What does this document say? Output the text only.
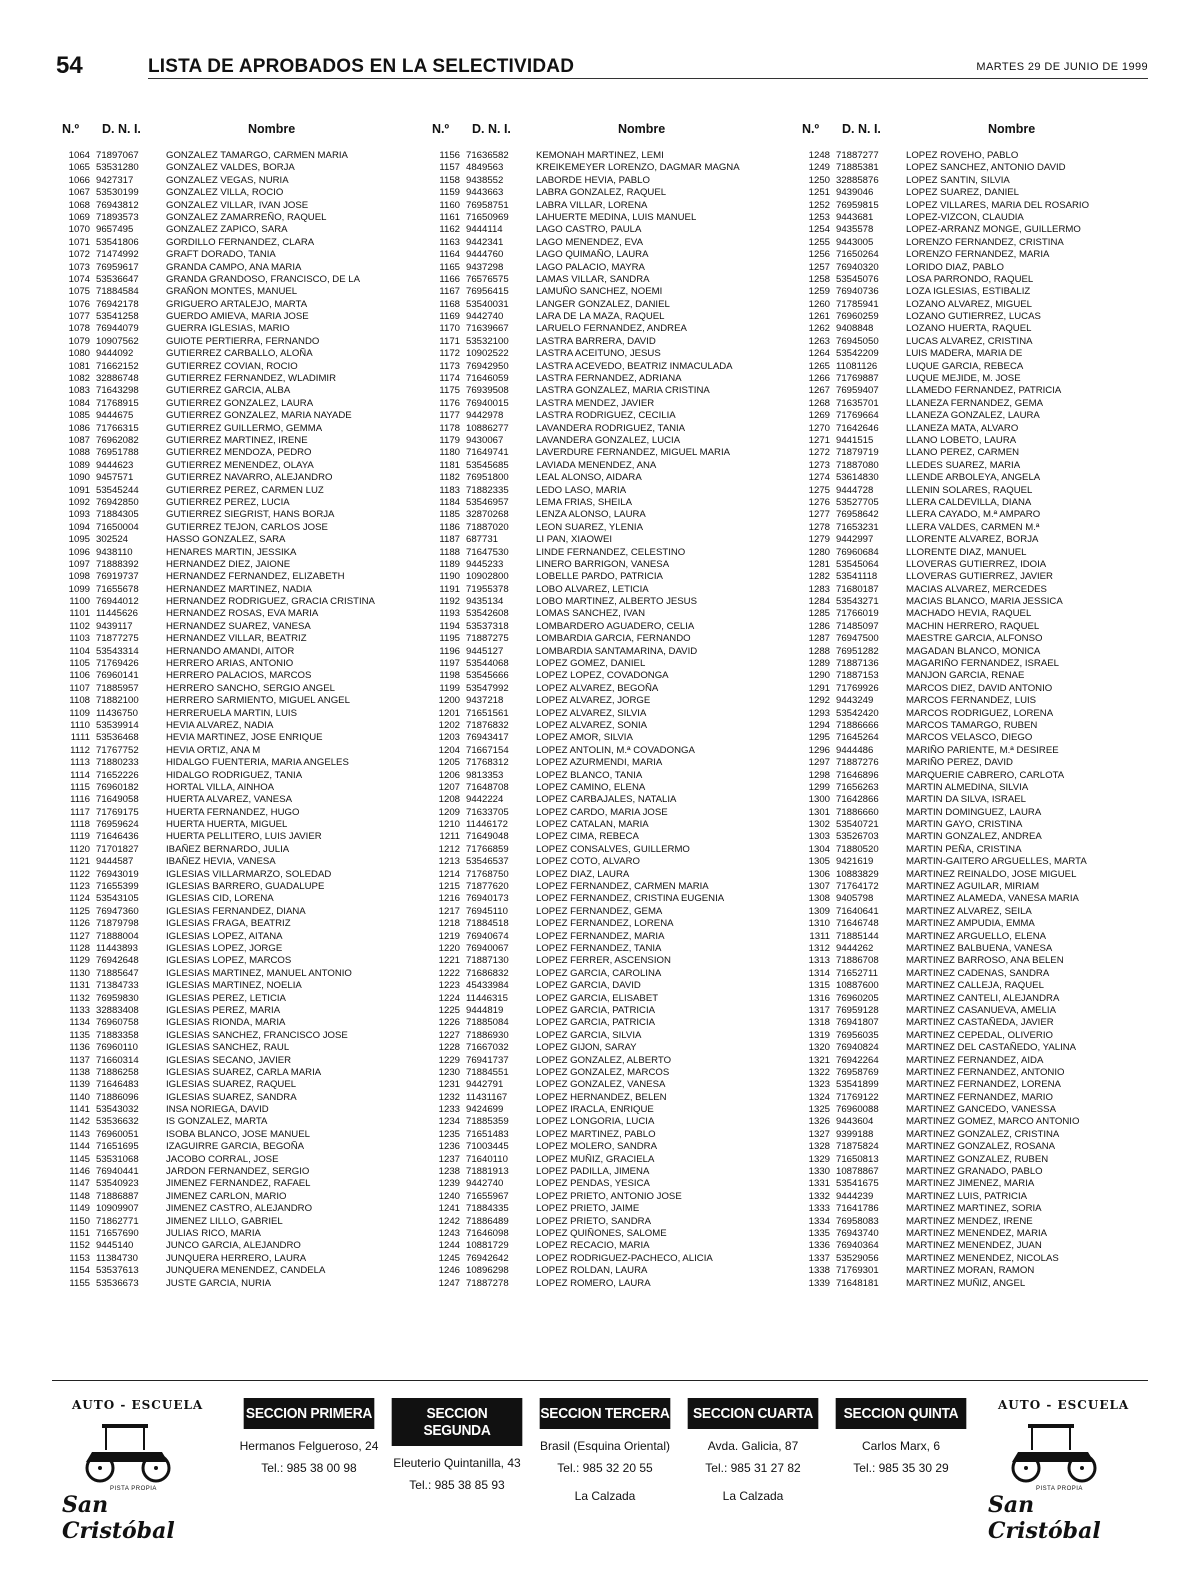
54	LISTA DE APROBADOS EN LA SELECTIVIDAD	MARTES 29 DE JUNIO DE 1999
N.º D. N. I.	Nombre
1064 71897067	GONZALEZ TAMARGO, CARMEN MARIA
1065 53531280	GONZALEZ VALDES, BORJA
1066 9427317	GONZALEZ VEGAS, NURIA
1067 53530199	GONZALEZ VILLA, ROCIO
1068 76943812	GONZALEZ VILLAR, IVAN JOSE
1069 71893573	GONZALEZ ZAMARREÑO, RAQUEL
1070 9657495	GONZALEZ ZAPICO, SARA
1071 53541806	GORDILLO FERNANDEZ, CLARA
1072 71474992	GRAFT DORADO, TANIA
1073 76959617	GRANDA CAMPO, ANA MARIA
1074 53536647	GRANDA GRANDOSO, FRANCISCO, DE LA
1075 71884584	GRAÑON MONTES, MANUEL
1076 76942178	GRIGUERO ARTALEJO, MARTA
1077 53541258	GUERDO AMIEVA, MARIA JOSE
1078 76944079	GUERRA IGLESIAS, MARIO
1079 10907562	GUIOTE PERTIERRA, FERNANDO
1080 9444092	GUTIERREZ CARBALLO, ALOÑA
1081 71662152	GUTIERREZ COVIAN, ROCIO
1082 32886748	GUTIERREZ FERNANDEZ, WLADIMIR
1083 71643298	GUTIERREZ GARCIA, ALBA
1084 71768915	GUTIERREZ GONZALEZ, LAURA
1085 9444675	GUTIERREZ GONZALEZ, MARIA NAYADE
1086 71766315	GUTIERREZ GUILLERMO, GEMMA
1087 76962082	GUTIERREZ MARTINEZ, IRENE
1088 76951788	GUTIERREZ MENDOZA, PEDRO
1089 9444623	GUTIERREZ MENENDEZ, OLAYA
1090 9457571	GUTIERREZ NAVARRO, ALEJANDRO
1091 53545244	GUTIERREZ PEREZ, CARMEN LUZ
1092 76942850	GUTIERREZ PEREZ, LUCIA
1093 71884305	GUTIERREZ SIEGRIST, HANS BORJA
1094 71650004	GUTIERREZ TEJON, CARLOS JOSE
1095 302524	HASSO GONZALEZ, SARA
1096 9438110	HENARES MARTIN, JESSIKA
1097 71888392	HERNANDEZ DIEZ, JAIONE
1098 76919737	HERNANDEZ FERNANDEZ, ELIZABETH
1099 71655678	HERNANDEZ MARTINEZ, NADIA
1100 76944012	HERNANDEZ RODRIGUEZ, GRACIA CRISTINA
1101 11445626	HERNANDEZ ROSAS, EVA MARIA
1102 9439117	HERNANDEZ SUAREZ, VANESA
1103 71877275	HERNANDEZ VILLAR, BEATRIZ
1104 53543314	HERNANDO AMANDI, AITOR
1105 71769426	HERRERO ARIAS, ANTONIO
1106 76960141	HERRERO PALACIOS, MARCOS
1107 71885957	HERRERO SANCHO, SERGIO ANGEL
1108 71882100	HERRERO SARMIENTO, MIGUEL ANGEL
1109 11436750	HERRERUELA MARTIN, LUIS
1110 53539914	HEVIA ALVAREZ, NADIA
1111 53536468	HEVIA MARTINEZ, JOSE ENRIQUE
1112 71767752	HEVIA ORTIZ, ANA M
1113 71880233	HIDALGO FUENTERIA, MARIA ANGELES
1114 71652226	HIDALGO RODRIGUEZ, TANIA
1115 76960182	HORTAL VILLA, AINHOA
1116 71649058	HUERTA ALVAREZ, VANESA
1117 71769175	HUERTA FERNANDEZ, HUGO
1118 76959624	HUERTA HUERTA, MIGUEL
1119 71646436	HUERTA PELLITERO, LUIS JAVIER
1120 71701827	IBAÑEZ BERNARDO, JULIA
1121 9444587	IBAÑEZ HEVIA, VANESA
1122 76943019	IGLESIAS VILLARMARZO, SOLEDAD
1123 71655399	IGLESIAS BARRERO, GUADALUPE
1124 53543105	IGLESIAS CID, LORENA
1125 76947360	IGLESIAS FERNANDEZ, DIANA
1126 71879798	IGLESIAS FRAGA, BEATRIZ
1127 71888004	IGLESIAS LOPEZ, AITANA
1128 11443893	IGLESIAS LOPEZ, JORGE
1129 76942648	IGLESIAS LOPEZ, MARCOS
1130 71885647	IGLESIAS MARTINEZ, MANUEL ANTONIO
1131 71384733	IGLESIAS MARTINEZ, NOELIA
1132 76959830	IGLESIAS PEREZ, LETICIA
1133 32883408	IGLESIAS PEREZ, MARIA
1134 76960758	IGLESIAS RIONDA, MARIA
1135 71883358	IGLESIAS SANCHEZ, FRANCISCO JOSE
1136 76960110	IGLESIAS SANCHEZ, RAUL
1137 71660314	IGLESIAS SECANO, JAVIER
1138 71886258	IGLESIAS SUAREZ, CARLA MARIA
1139 71646483	IGLESIAS SUAREZ, RAQUEL
1140 71886096	IGLESIAS SUAREZ, SANDRA
1141 53543032	INSA NORIEGA, DAVID
1142 53536632	IS GONZALEZ, MARTA
1143 76960051	ISOBA BLANCO, JOSE MANUEL
1144 71651695	IZAGUIRRE GARCIA, BEGOÑA
1145 53531068	JACOBO CORRAL, JOSE
1146 76940441	JARDON FERNANDEZ, SERGIO
1147 53540923	JIMENEZ FERNANDEZ, RAFAEL
1148 71886887	JIMENEZ CARLON, MARIO
1149 10909907	JIMENEZ CASTRO, ALEJANDRO
1150 71862771	JIMENEZ LILLO, GABRIEL
1151 71657690	JULIAS RICO, MARIA
1152 9445140	JUNCO GARCIA, ALEJANDRO
1153 11384730	JUNQUERA HERRERO, LAURA
1154 53537613	JUNQUERA MENENDEZ, CANDELA
1155 53536673	JUSTE GARCIA, NURIA
N.º D. N. I.	Nombre
1156 71636582	KEMONAH MARTINEZ, LEMI
1157 4849563	KREIKEMEYER LORENZO, DAGMAR MAGNA
1158 9438552	LABORDE HEVIA, PABLO
1159 9443663	LABRA GONZALEZ, RAQUEL
1160 76958751	LABRA VILLAR, LORENA
1161 71650969	LAHUERTE MEDINA, LUIS MANUEL
1162 9444114	LAGO CASTRO, PAULA
1163 9442341	LAGO MENENDEZ, EVA
1164 9444760	LAGO QUIMAÑO, LAURA
1165 9437298	LAGO PALACIO, MAYRA
1166 76576575	LAMAS VILLAR, SANDRA
1167 76956415	LAMUÑO SANCHEZ, NOEMI
1168 53540031	LANGER GONZALEZ, DANIEL
1169 9442740	LARA DE LA MAZA, RAQUEL
1170 71639667	LARUELO FERNANDEZ, ANDREA
1171 53532100	LASTRA BARRERA, DAVID
1172 10902522	LASTRA ACEITUNO, JESUS
1173 76942950	LASTRA ACEVEDO, BEATRIZ INMACULADA
1174 71646059	LASTRA FERNANDEZ, ADRIANA
1175 76939508	LASTRA GONZALEZ, MARIA CRISTINA
1176 76940015	LASTRA MENDEZ, JAVIER
1177 9442978	LASTRA RODRIGUEZ, CECILIA
1178 10886277	LAVANDERA RODRIGUEZ, TANIA
1179 9430067	LAVANDERA GONZALEZ, LUCIA
1180 71649741	LAVERDURE FERNANDEZ, MIGUEL MARIA
1181 53545685	LAVIADA MENENDEZ, ANA
1182 76951800	LEAL ALONSO, AIDARA
1183 71882335	LEDO LASO, MARIA
1184 53546957	LEMA FRIAS, SHEILA
1185 32870268	LENZA ALONSO, LAURA
1186 71887020	LEON SUAREZ, YLENIA
1187 687731	LI PAN, XIAOWEI
1188 71647530	LINDE FERNANDEZ, CELESTINO
1189 9445233	LINERO BARRIGON, VANESA
1190 10902800	LOBELLE PARDO, PATRICIA
1191 71955378	LOBO ALVAREZ, LETICIA
1192 9435134	LOBO MARTINEZ, ALBERTO JESUS
1193 53542608	LOMAS SANCHEZ, IVAN
1194 53537318	LOMBARDERO AGUADERO, CELIA
1195 71887275	LOMBARDIA GARCIA, FERNANDO
1196 9445127	LOMBARDIA SANTAMARINA, DAVID
1197 53544068	LOPEZ GOMEZ, DANIEL
1198 53545666	LOPEZ LOPEZ, COVADONGA
1199 53547992	LOPEZ ALVAREZ, BEGOÑA
1200 9437218	LOPEZ ALVAREZ, JORGE
1201 71651561	LOPEZ ALVAREZ, SILVIA
1202 71876832	LOPEZ ALVAREZ, SONIA
1203 76943417	LOPEZ AMOR, SILVIA
1204 71667154	LOPEZ ANTOLIN, M.ª COVADONGA
1205 71768312	LOPEZ AZURMENDI, MARIA
1206 9813353	LOPEZ BLANCO, TANIA
1207 71648708	LOPEZ CAMINO, ELENA
1208 9442224	LOPEZ CARBAJALES, NATALIA
1209 71633705	LOPEZ CARDO, MARIA JOSE
1210 11446172	LOPEZ CATALAN, MARIA
1211 71649048	LOPEZ CIMA, REBECA
1212 71766859	LOPEZ CONSALVES, GUILLERMO
1213 53546537	LOPEZ COTO, ALVARO
1214 71768750	LOPEZ DIAZ, LAURA
1215 71877620	LOPEZ FERNANDEZ, CARMEN MARIA
1216 76940173	LOPEZ FERNANDEZ, CRISTINA EUGENIA
1217 76945110	LOPEZ FERNANDEZ, GEMA
1218 71884518	LOPEZ FERNANDEZ, LORENA
1219 76940674	LOPEZ FERNANDEZ, MARIA
1220 76940067	LOPEZ FERNANDEZ, TANIA
1221 71887130	LOPEZ FERRER, ASCENSION
1222 71686832	LOPEZ GARCIA, CAROLINA
1223 45433984	LOPEZ GARCIA, DAVID
1224 11446315	LOPEZ GARCIA, ELISABET
1225 9444819	LOPEZ GARCIA, PATRICIA
1226 71885084	LOPEZ GARCIA, PATRICIA
1227 71886930	LOPEZ GARCIA, SILVIA
1228 71667032	LOPEZ GIJON, SARAY
1229 76941737	LOPEZ GONZALEZ, ALBERTO
1230 71884551	LOPEZ GONZALEZ, MARCOS
1231 9442791	LOPEZ GONZALEZ, VANESA
1232 11431167	LOPEZ HERNANDEZ, BELEN
1233 9424699	LOPEZ IRACLA, ENRIQUE
1234 71885359	LOPEZ LONGORIA, LUCIA
1235 71651483	LOPEZ MARTINEZ, PABLO
1236 71003445	LOPEZ MOLERO, SANDRA
1237 71640110	LOPEZ MUÑIZ, GRACIELA
1238 71881913	LOPEZ PADILLA, JIMENA
1239 9442740	LOPEZ PENDAS, YESICA
1240 71655967	LOPEZ PRIETO, ANTONIO JOSE
1241 71884335	LOPEZ PRIETO, JAIME
1242 71886489	LOPEZ PRIETO, SANDRA
1243 71646098	LOPEZ QUIÑONES, SALOME
1244 10881729	LOPEZ RECACIO, MARIA
1245 76942642	LOPEZ RODRIGUEZ-PACHECO, ALICIA
1246 10896298	LOPEZ ROLDAN, LAURA
1247 71887278	LOPEZ ROMERO, LAURA
N.º D. N. I.	Nombre
1248 71887277	LOPEZ ROVEHO, PABLO
1249 71885381	LOPEZ SANCHEZ, ANTONIO DAVID
1250 32885876	LOPEZ SANTIN, SILVIA
1251 9439046	LOPEZ SUAREZ, DANIEL
1252 76959815	LOPEZ VILLARES, MARIA DEL ROSARIO
1253 9443681	LOPEZ-VIZCON, CLAUDIA
1254 9435578	LOPEZ-ARRANZ MONGE, GUILLERMO
1255 9443005	LORENZO FERNANDEZ, CRISTINA
1256 71650264	LORENZO FERNANDEZ, MARIA
1257 76940320	LORIDO DIAZ, PABLO
1258 53545076	LOSA PARRONDO, RAQUEL
1259 76940736	LOZA IGLESIAS, ESTIBALIZ
1260 71785941	LOZANO ALVAREZ, MIGUEL
1261 76960259	LOZANO GUTIERREZ, LUCAS
1262 9408848	LOZANO HUERTA, RAQUEL
1263 76945050	LUCAS ALVAREZ, CRISTINA
1264 53542209	LUIS MADERA, MARIA DE
1265 11081126	LUQUE GARCIA, REBECA
1266 71769887	LUQUE MEJIDE, M. JOSE
1267 76959407	LLAMEDO FERNANDEZ, PATRICIA
1268 71635701	LLANEZA FERNANDEZ, GEMA
1269 71769664	LLANEZA GONZALEZ, LAURA
1270 71642646	LLANEZA MATA, ALVARO
1271 9441515	LLANO LOBETO, LAURA
1272 71879719	LLANO PEREZ, CARMEN
1273 71887080	LLEDES SUAREZ, MARIA
1274 53614830	LLENDE ARBOLEYA, ANGELA
1275 9444728	LLENIN SOLARES, RAQUEL
1276 53527705	LLERA CALDEVILLA, DIANA
1277 76958642	LLERA CAYADO, M.ª AMPARO
1278 71653231	LLERA VALDES, CARMEN M.ª
1279 9442997	LLORENTE ALVAREZ, BORJA
1280 76960684	LLORENTE DIAZ, MANUEL
1281 53545064	LLOVERAS GUTIERREZ, IDOIA
1282 53541118	LLOVERAS GUTIERREZ, JAVIER
1283 71680187	MACIAS ALVAREZ, MERCEDES
1284 53543271	MACIAS BLANCO, MARIA JESSICA
1285 71766019	MACHADO HEVIA, RAQUEL
1286 71485097	MACHIN HERRERO, RAQUEL
1287 76947500	MAESTRE GARCIA, ALFONSO
1288 76951282	MAGADAN BLANCO, MONICA
1289 71887136	MAGARIÑO FERNANDEZ, ISRAEL
1290 71887153	MANJON GARCIA, RENAE
1291 71769926	MARCOS DIEZ, DAVID ANTONIO
1292 9443249	MARCOS FERNANDEZ, LUIS
1293 53542420	MARCOS RODRIGUEZ, LORENA
1294 71886666	MARCOS TAMARGO, RUBEN
1295 71645264	MARCOS VELASCO, DIEGO
1296 9444486	MARIÑO PARIENTE, M.ª DESIREE
1297 71887276	MARIÑO PEREZ, DAVID
1298 71646896	MARQUERIE CABRERO, CARLOTA
1299 71656263	MARTIN ALMEDINA, SILVIA
1300 71642866	MARTIN DA SILVA, ISRAEL
1301 71886660	MARTIN DOMINGUEZ, LAURA
1302 53540721	MARTIN GAYO, CRISTINA
1303 53526703	MARTIN GONZALEZ, ANDREA
1304 71880520	MARTIN PEÑA, CRISTINA
1305 9421619	MARTIN-GAITERO ARGUELLES, MARTA
1306 10883829	MARTINEZ REINALDO, JOSE MIGUEL
1307 71764172	MARTINEZ AGUILAR, MIRIAM
1308 9405798	MARTINEZ ALAMEDA, VANESA MARIA
1309 71640641	MARTINEZ ALVAREZ, SEILA
1310 71646748	MARTINEZ AMPUDIA, EMMA
1311 71885144	MARTINEZ ARGUELLO, ELENA
1312 9444262	MARTINEZ BALBUENA, VANESA
1313 71886708	MARTINEZ BARROSO, ANA BELEN
1314 71652711	MARTINEZ CADENAS, SANDRA
1315 10887600	MARTINEZ CALLEJA, RAQUEL
1316 76960205	MARTINEZ CANTELI, ALEJANDRA
1317 76959128	MARTINEZ CASANUEVA, AMELIA
1318 76941807	MARTINEZ CASTAÑEDA, JAVIER
1319 76956035	MARTINEZ CEPEDAL, OLIVERIO
1320 76940824	MARTINEZ DEL CASTAÑEDO, YALINA
1321 76942264	MARTINEZ FERNANDEZ, AIDA
1322 76958769	MARTINEZ FERNANDEZ, ANTONIO
1323 53541899	MARTINEZ FERNANDEZ, LORENA
1324 71769122	MARTINEZ FERNANDEZ, MARIO
1325 76960088	MARTINEZ GANCEDO, VANESSA
1326 9443604	MARTINEZ GOMEZ, MARCO ANTONIO
1327 9399188	MARTINEZ GONZALEZ, CRISTINA
1328 71875824	MARTINEZ GONZALEZ, ROSANA
1329 71650813	MARTINEZ GONZALEZ, RUBEN
1330 10878867	MARTINEZ GRANADO, PABLO
1331 53541675	MARTINEZ JIMENEZ, MARIA
1332 9444239	MARTINEZ LUIS, PATRICIA
1333 71641786	MARTINEZ MARTINEZ, SORIA
1334 76958083	MARTINEZ MENDEZ, IRENE
1335 76943740	MARTINEZ MENENDEZ, MARIA
1336 76940364	MARTINEZ MENENDEZ, JUAN
1337 53529056	MARTINEZ MENENDEZ, NICOLAS
1338 71769301	MARTINEZ MORAN, RAMON
1339 71648181	MARTINEZ MUÑIZ, ANGEL
AUTO - ESCUELA
PISTA PROPIA
San Cristóbal
SECCION PRIMERA
Hermanos Felgueroso, 24
Tel.: 985 38 00 98
SECCION SEGUNDA
Eleuterio Quintanilla, 43
Tel.: 985 38 85 93
SECCION TERCERA
Brasil (Esquina Oriental)
Tel.: 985 32 20 55
La Calzada
SECCION CUARTA
Avda. Galicia, 87
Tel.: 985 31 27 82
La Calzada
SECCION QUINTA
Carlos Marx, 6
Tel.: 985 35 30 29
AUTO - ESCUELA
PISTA PROPIA
San Cristóbal
